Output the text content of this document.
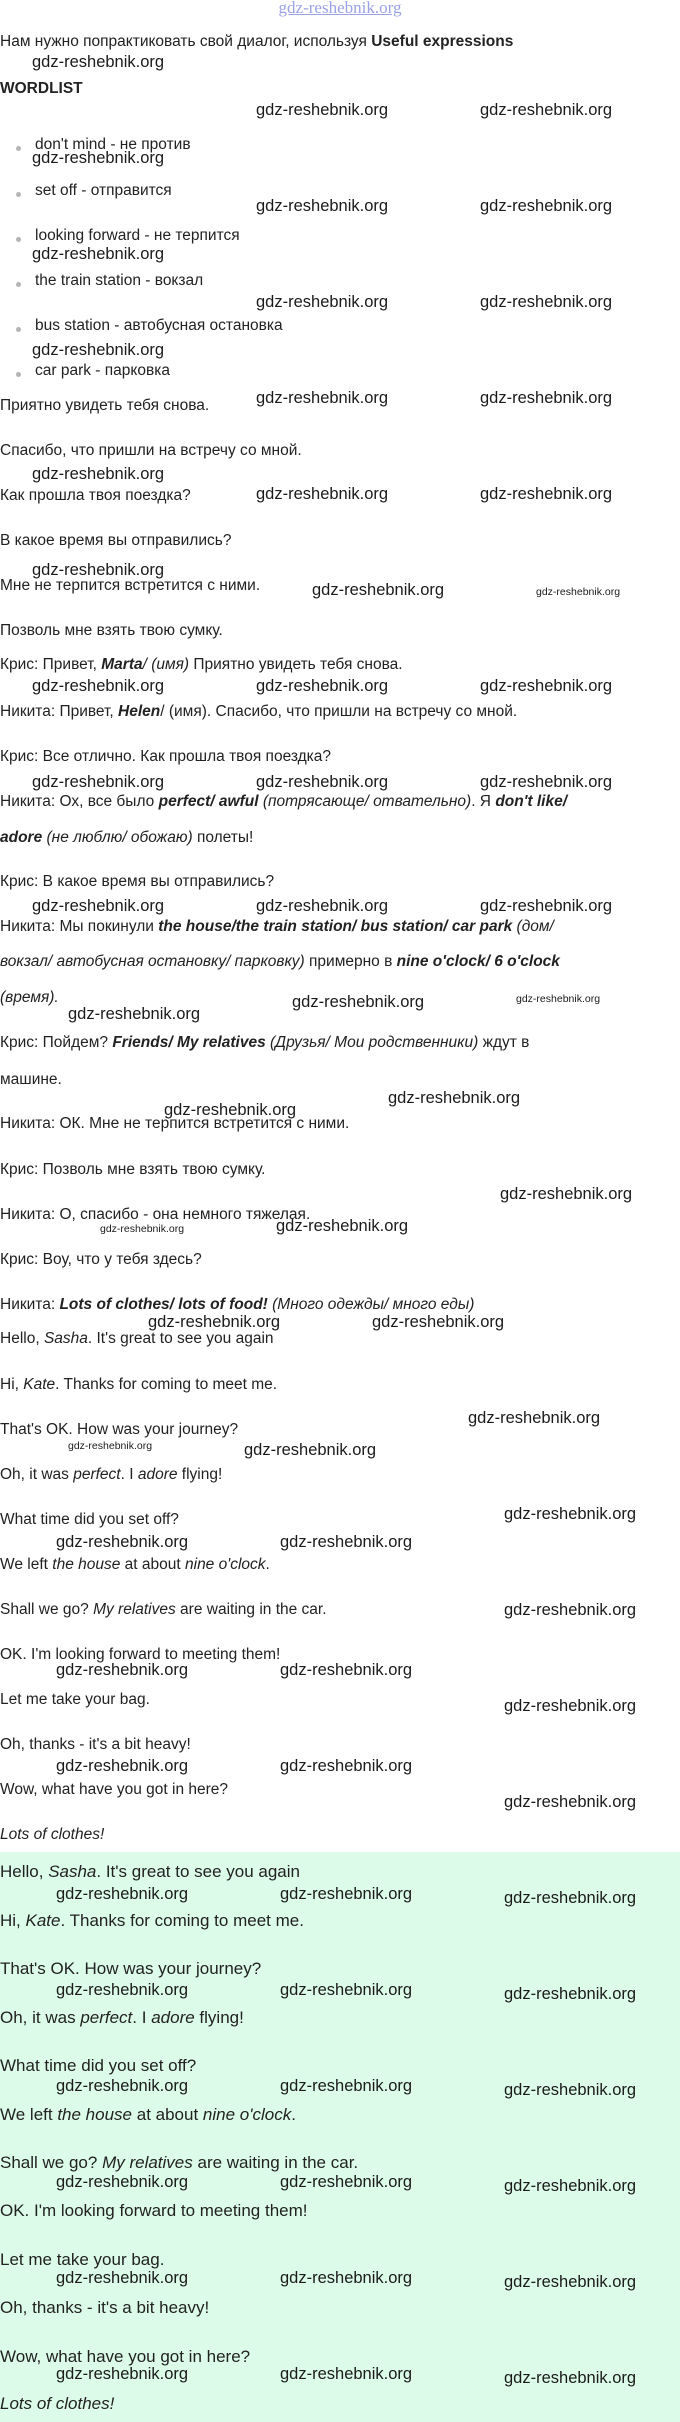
gdz-reshebnik.org
Нам нужно попрактиковать свой диалог, используя Useful expressions
WORDLIST
don't mind - не против
set off - отправится
looking forward - не терпится
the train station - вокзал
bus station - автобусная остановка
car park - парковка
Приятно увидеть тебя снова.
Спасибо, что пришли на встречу со мной.
Как прошла твоя поездка?
В какое время вы отправились?
Мне не терпится встретится с ними.
Позволь мне взять твою сумку.
Крис: Привет, Marta/ (имя) Приятно увидеть тебя снова.
Никита: Привет, Helen/ (имя). Спасибо, что пришли на встречу со мной.
Крис: Все отлично. Как прошла твоя поездка?
Никита: Ох, все было perfect/ awful (потрясающе/ отвательно). Я don't like/
adore (не люблю/ обожаю) полеты!
Крис: В какое время вы отправились?
Никита: Мы покинули the house/the train station/ bus station/ car park (дом/
вокзал/ автобусная остановку/ парковку) примерно в nine o'clock/ 6 o'clock
(время).
Крис: Пойдем? Friends/ My relatives (Друзья/ Мои родственники) ждут в
машине.
Никита: ОК. Мне не терпится встретится с ними.
Крис: Позволь мне взять твою сумку.
Никита: О, спасибо - она немного тяжелая.
Крис: Воу, что у тебя здесь?
Никита: Lots of clothes/ lots of food! (Много одежды/ много еды)
Hello, Sasha. It's great to see you again
Hi, Kate. Thanks for coming to meet me.
That's OK. How was your journey?
Oh, it was perfect. I adore flying!
What time did you set off?
We left the house at about nine o'clock.
Shall we go? My relatives are waiting in the car.
OK. I'm looking forward to meeting them!
Let me take your bag.
Oh, thanks - it's a bit heavy!
Wow, what have you got in here?
Lots of clothes!
Hello, Sasha. It's great to see you again
Hi, Kate. Thanks for coming to meet me.
That's OK. How was your journey?
Oh, it was perfect. I adore flying!
What time did you set off?
We left the house at about nine o'clock.
Shall we go? My relatives are waiting in the car.
OK. I'm looking forward to meeting them!
Let me take your bag.
Oh, thanks - it's a bit heavy!
Wow, what have you got in here?
Lots of clothes!
gdz-reshebnik.org
gdz-reshebnik.org	gdz-reshebnik.org
gdz-reshebnik.org
gdz-reshebnik.org	gdz-reshebnik.org
gdz-reshebnik.org
gdz-reshebnik.org	gdz-reshebnik.org
gdz-reshebnik.org
gdz-reshebnik.org	gdz-reshebnik.org
gdz-reshebnik.org
gdz-reshebnik.org	gdz-reshebnik.org
gdz-reshebnik.org
gdz-reshebnik.org	gdz-reshebnik.org
gdz-reshebnik.org	gdz-reshebnik.org	gdz-reshebnik.org
gdz-reshebnik.org	gdz-reshebnik.org	gdz-reshebnik.org
gdz-reshebnik.org	gdz-reshebnik.org	gdz-reshebnik.org
gdz-reshebnik.org
gdz-reshebnik.org	gdz-reshebnik.org
gdz-reshebnik.org
gdz-reshebnik.org
gdz-reshebnik.org
gdz-reshebnik.org	gdz-reshebnik.org
gdz-reshebnik.org	gdz-reshebnik.org
gdz-reshebnik.org
gdz-reshebnik.org	gdz-reshebnik.org
gdz-reshebnik.org
gdz-reshebnik.org	gdz-reshebnik.org
gdz-reshebnik.org
gdz-reshebnik.org	gdz-reshebnik.org
gdz-reshebnik.org
gdz-reshebnik.org	gdz-reshebnik.org
gdz-reshebnik.org
gdz-reshebnik.org	gdz-reshebnik.org	gdz-reshebnik.org
gdz-reshebnik.org	gdz-reshebnik.org	gdz-reshebnik.org
gdz-reshebnik.org	gdz-reshebnik.org	gdz-reshebnik.org
gdz-reshebnik.org	gdz-reshebnik.org	gdz-reshebnik.org
gdz-reshebnik.org	gdz-reshebnik.org	gdz-reshebnik.org
gdz-reshebnik.org	gdz-reshebnik.org	gdz-reshebnik.org
